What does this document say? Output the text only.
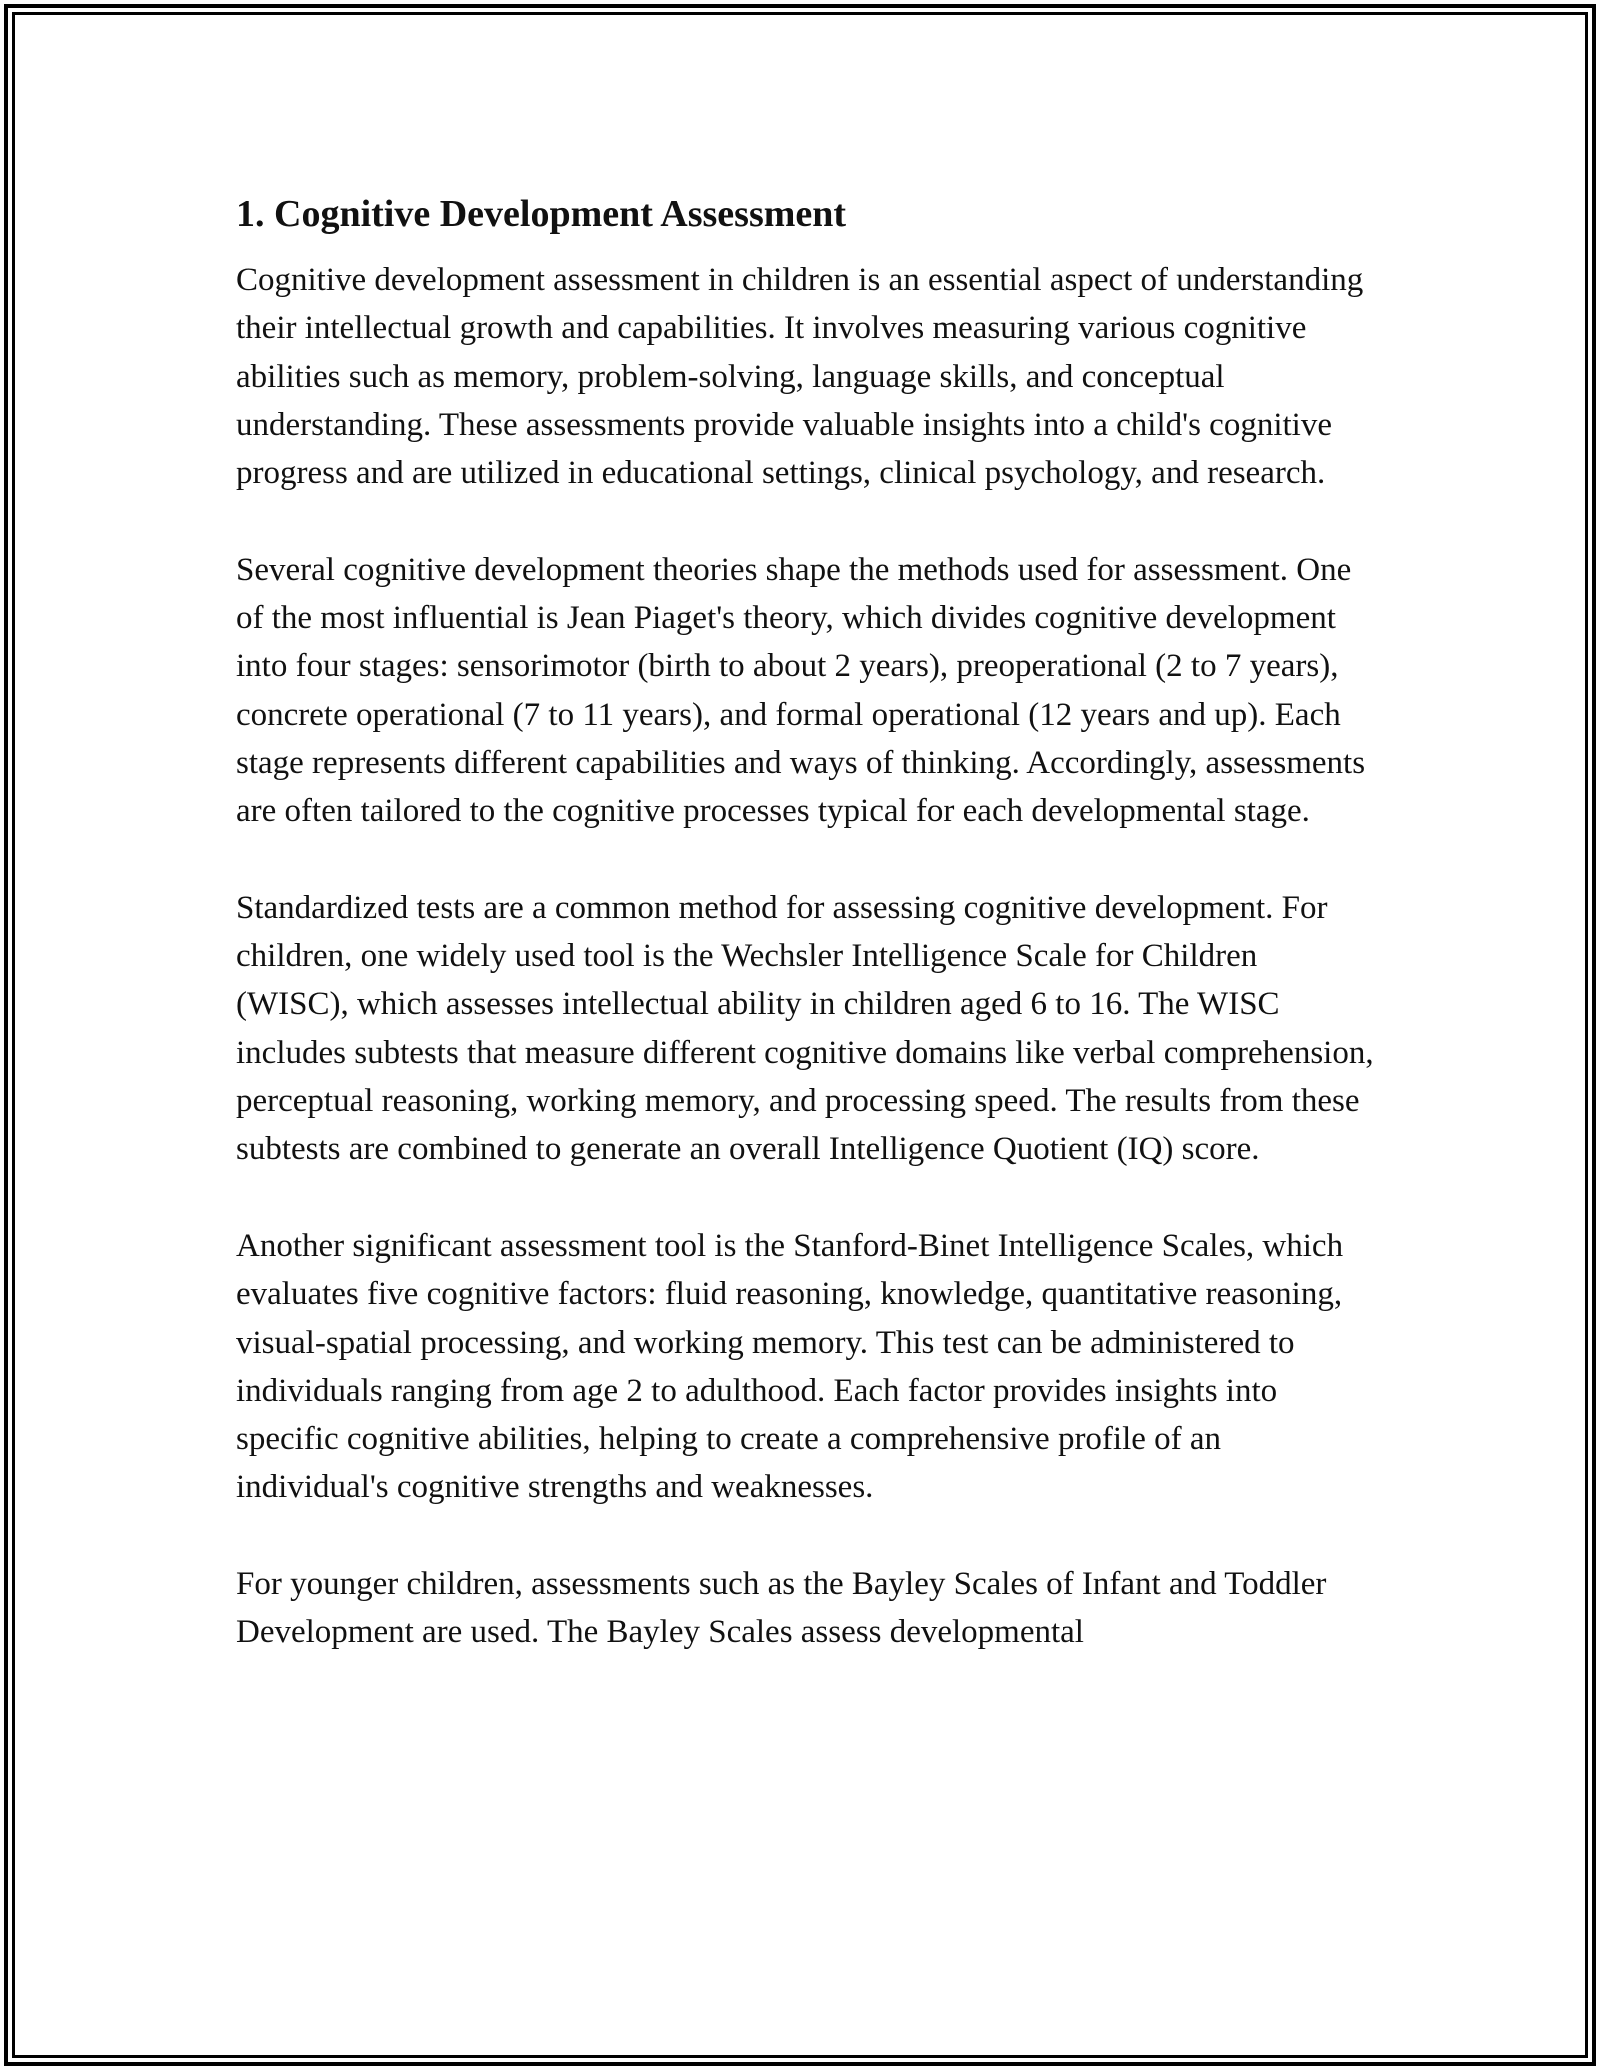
1. Cognitive Development Assessment

Cognitive development assessment in children is an essential aspect of understanding their intellectual growth and capabilities. It involves measuring various cognitive abilities such as memory, problem-solving, language skills, and conceptual understanding. These assessments provide valuable insights into a child's cognitive progress and are utilized in educational settings, clinical psychology, and research.

Several cognitive development theories shape the methods used for assessment. One of the most influential is Jean Piaget's theory, which divides cognitive development into four stages: sensorimotor (birth to about 2 years), preoperational (2 to 7 years), concrete operational (7 to 11 years), and formal operational (12 years and up). Each stage represents different capabilities and ways of thinking. Accordingly, assessments are often tailored to the cognitive processes typical for each developmental stage.

Standardized tests are a common method for assessing cognitive development. For children, one widely used tool is the Wechsler Intelligence Scale for Children (WISC), which assesses intellectual ability in children aged 6 to 16. The WISC includes subtests that measure different cognitive domains like verbal comprehension, perceptual reasoning, working memory, and processing speed. The results from these subtests are combined to generate an overall Intelligence Quotient (IQ) score.

Another significant assessment tool is the Stanford-Binet Intelligence Scales, which evaluates five cognitive factors: fluid reasoning, knowledge, quantitative reasoning, visual-spatial processing, and working memory. This test can be administered to individuals ranging from age 2 to adulthood. Each factor provides insights into specific cognitive abilities, helping to create a comprehensive profile of an individual's cognitive strengths and weaknesses.

For younger children, assessments such as the Bayley Scales of Infant and Toddler Development are used. The Bayley Scales assess developmental
